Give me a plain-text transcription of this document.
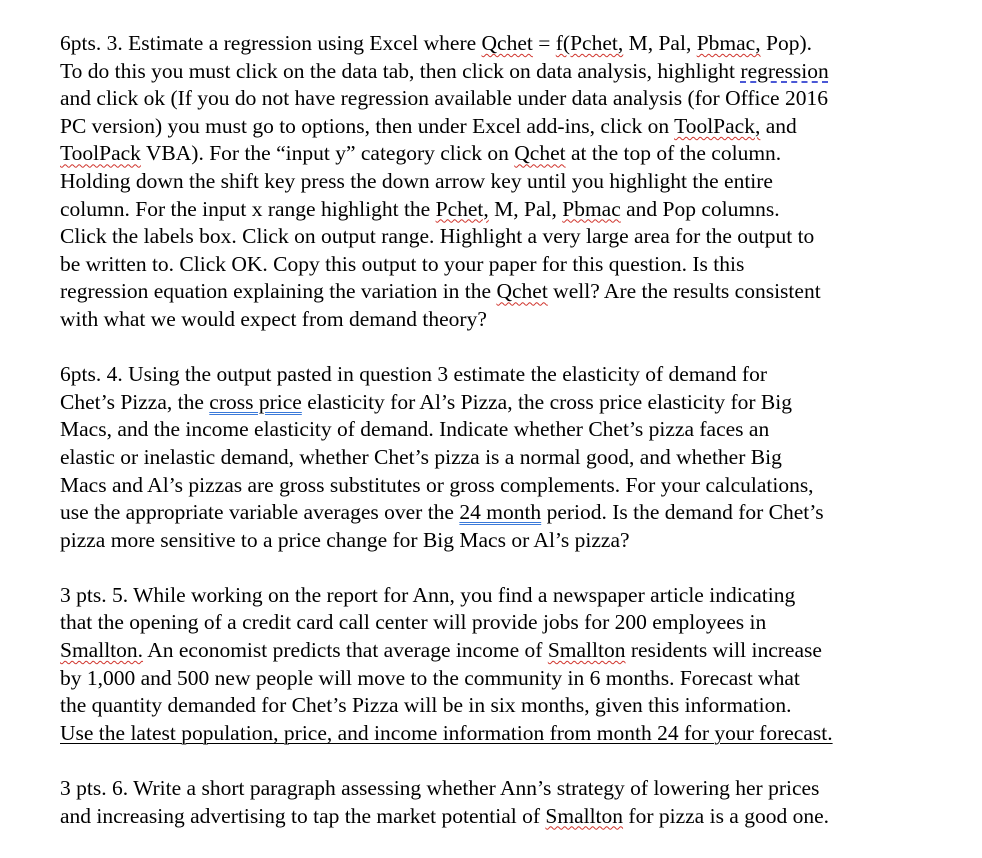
6pts. 3. Estimate a regression using Excel where Qchet = f(Pchet, M, Pal, Pbmac, Pop).
To do this you must click on the data tab, then click on data analysis, highlight regression
and click ok (If you do not have regression available under data analysis (for Office 2016
PC version) you must go to options, then under Excel add-ins, click on ToolPack, and
ToolPack VBA). For the “input y” category click on Qchet at the top of the column.
Holding down the shift key press the down arrow key until you highlight the entire
column. For the input x range highlight the Pchet, M, Pal, Pbmac and Pop columns.
Click the labels box. Click on output range. Highlight a very large area for the output to
be written to. Click OK. Copy this output to your paper for this question. Is this
regression equation explaining the variation in the Qchet well? Are the results consistent
with what we would expect from demand theory?
6pts. 4. Using the output pasted in question 3 estimate the elasticity of demand for
Chet’s Pizza, the cross price elasticity for Al’s Pizza, the cross price elasticity for Big
Macs, and the income elasticity of demand. Indicate whether Chet’s pizza faces an
elastic or inelastic demand, whether Chet’s pizza is a normal good, and whether Big
Macs and Al’s pizzas are gross substitutes or gross complements. For your calculations,
use the appropriate variable averages over the 24 month period. Is the demand for Chet’s
pizza more sensitive to a price change for Big Macs or Al’s pizza?
3 pts. 5. While working on the report for Ann, you find a newspaper article indicating
that the opening of a credit card call center will provide jobs for 200 employees in
Smallton. An economist predicts that average income of Smallton residents will increase
by 1,000 and 500 new people will move to the community in 6 months. Forecast what
the quantity demanded for Chet’s Pizza will be in six months, given this information.
Use the latest population, price, and income information from month 24 for your forecast.
3 pts. 6. Write a short paragraph assessing whether Ann’s strategy of lowering her prices
and increasing advertising to tap the market potential of Smallton for pizza is a good one.
